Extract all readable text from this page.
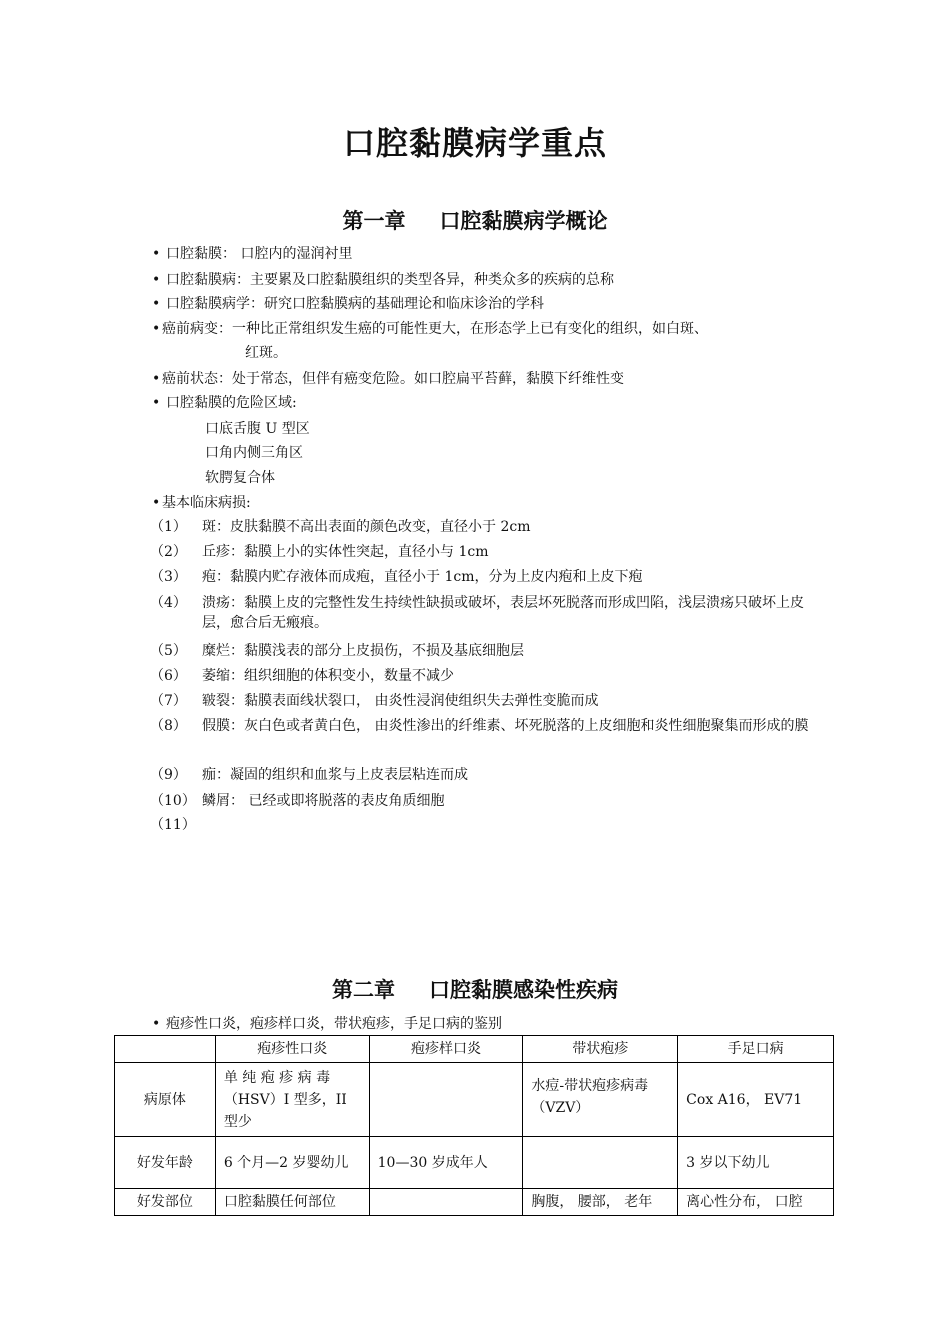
口腔黏膜病学重点
第一章 口腔黏膜病学概论
• 口腔黏膜： 口腔内的湿润衬里
• 口腔黏膜病：主要累及口腔黏膜组织的类型各异，种类众多的疾病的总称
• 口腔黏膜病学：研究口腔黏膜病的基础理论和临床诊治的学科
• 癌前病变：一种比正常组织发生癌的可能性更大，在形态学上已有变化的组织，如白斑、
红斑。
• 癌前状态：处于常态，但伴有癌变危险。如口腔扁平苔藓，黏膜下纤维性变
• 口腔黏膜的危险区域:
口底舌腹 U 型区
口角内侧三角区
软腭复合体
• 基本临床病损:
（1） 斑：皮肤黏膜不高出表面的颜色改变，直径小于 2cm
（2） 丘疹：黏膜上小的实体性突起，直径小与 1cm
（3） 疱：黏膜内贮存液体而成疱，直径小于 1cm，分为上皮内疱和上皮下疱
（4）	溃疡：黏膜上皮的完整性发生持续性缺损或破坏，表层坏死脱落而形成凹陷，浅层溃疡只破坏上皮层，愈合后无瘢痕。
（5） 糜烂：黏膜浅表的部分上皮损伤，不损及基底细胞层
（6） 萎缩：组织细胞的体积变小，数量不减少
（7） 皲裂：黏膜表面线状裂口， 由炎性浸润使组织失去弹性变脆而成
（8）	假膜：灰白色或者黄白色， 由炎性渗出的纤维素、坏死脱落的上皮细胞和炎性细胞聚集而形成的膜
（9） 痂：凝固的组织和血浆与上皮表层粘连而成
（10） 鳞屑： 已经或即将脱落的表皮角质细胞
（11）
第二章 口腔黏膜感染性疾病
• 疱疹性口炎，疱疹样口炎，带状疱疹，手足口病的鉴别
	疱疹性口炎	疱疹样口炎	带状疱疹	手足口病
病原体	单 纯 疱 疹 病 毒（HSV）I 型多，II 型少		水痘-带状疱疹病毒（VZV）	Cox A16， EV71
好发年龄	6 个月—2 岁婴幼儿	10—30 岁成年人		3 岁以下幼儿
好发部位	口腔黏膜任何部位		胸腹， 腰部， 老年	离心性分布， 口腔
